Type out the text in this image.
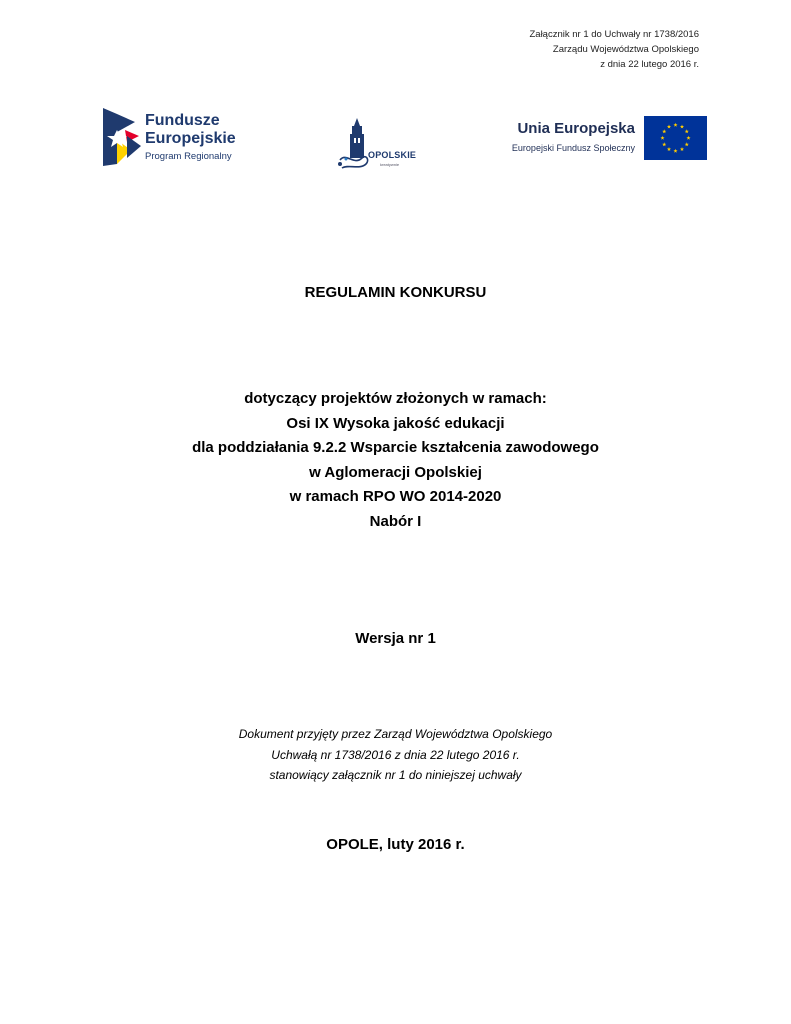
Załącznik nr 1 do Uchwały nr 1738/2016
Zarządu Województwa Opolskiego
z dnia 22 lutego 2016 r.
Fundusze
Europejskie
Program Regionalny	OPOLSKIE
kreatywnie
Unia Europejska
Europejski Fundusz Społeczny
REGULAMIN KONKURSU
dotyczący projektów złożonych w ramach:
Osi IX Wysoka jakość edukacji
dla poddziałania 9.2.2 Wsparcie kształcenia zawodowego
w Aglomeracji Opolskiej
w ramach RPO WO 2014-2020
Nabór I
Wersja nr 1
Dokument przyjęty przez Zarząd Województwa Opolskiego
Uchwałą nr 1738/2016 z dnia 22 lutego 2016 r.
stanowiący załącznik nr 1 do niniejszej uchwały
OPOLE, luty 2016 r.
